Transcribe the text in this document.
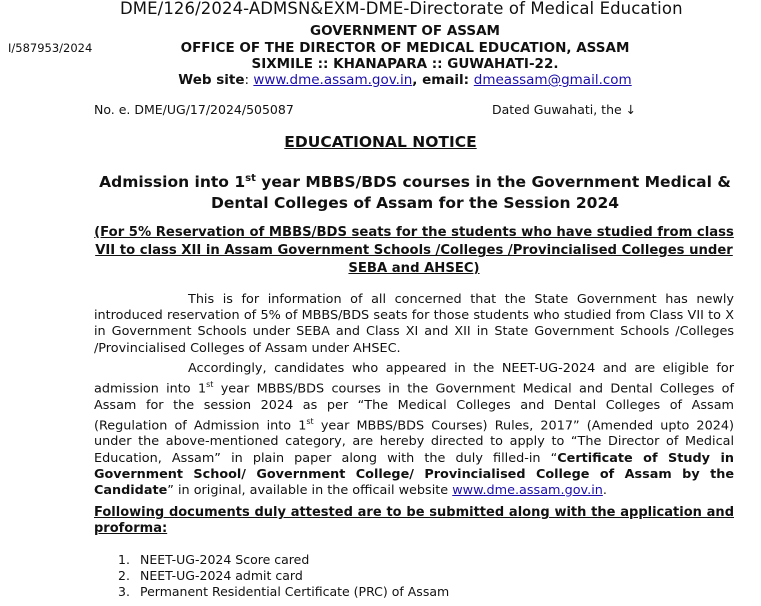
DME/126/2024-ADMSN&EXM-DME-Directorate of Medical Education
I/587953/2024
GOVERNMENT OF ASSAM
OFFICE OF THE DIRECTOR OF MEDICAL EDUCATION, ASSAM
SIXMILE :: KHANAPARA :: GUWAHATI-22.
Web site: www.dme.assam.gov.in, email: dmeassam@gmail.com
No. e. DME/UG/17/2024/505087	Dated Guwahati, the ↓
EDUCATIONAL NOTICE
Admission into 1st year MBBS/BDS courses in the Government Medical & Dental Colleges of Assam for the Session 2024
(For 5% Reservation of MBBS/BDS seats for the students who have studied from class VII to class XII in Assam Government Schools /Colleges /Provincialised Colleges under SEBA and AHSEC)
This is for information of all concerned that the State Government has newly introduced reservation of 5% of MBBS/BDS seats for those students who studied from Class VII to X in Government Schools under SEBA and Class XI and XII in State Government Schools /Colleges /Provincialised Colleges of Assam under AHSEC.
Accordingly, candidates who appeared in the NEET-UG-2024 and are eligible for admission into 1st year MBBS/BDS courses in the Government Medical and Dental Colleges of Assam for the session 2024 as per “The Medical Colleges and Dental Colleges of Assam (Regulation of Admission into 1st year MBBS/BDS Courses) Rules, 2017” (Amended upto 2024) under the above-mentioned category, are hereby directed to apply to “The Director of Medical Education, Assam” in plain paper along with the duly filled-in “Certificate of Study in Government School/ Government College/ Provincialised College of Assam by the Candidate” in original, available in the officail website www.dme.assam.gov.in.
Following documents duly attested are to be submitted along with the application and proforma:
1. NEET-UG-2024 Score cared
2. NEET-UG-2024 admit card
3. Permanent Residential Certificate (PRC) of Assam
